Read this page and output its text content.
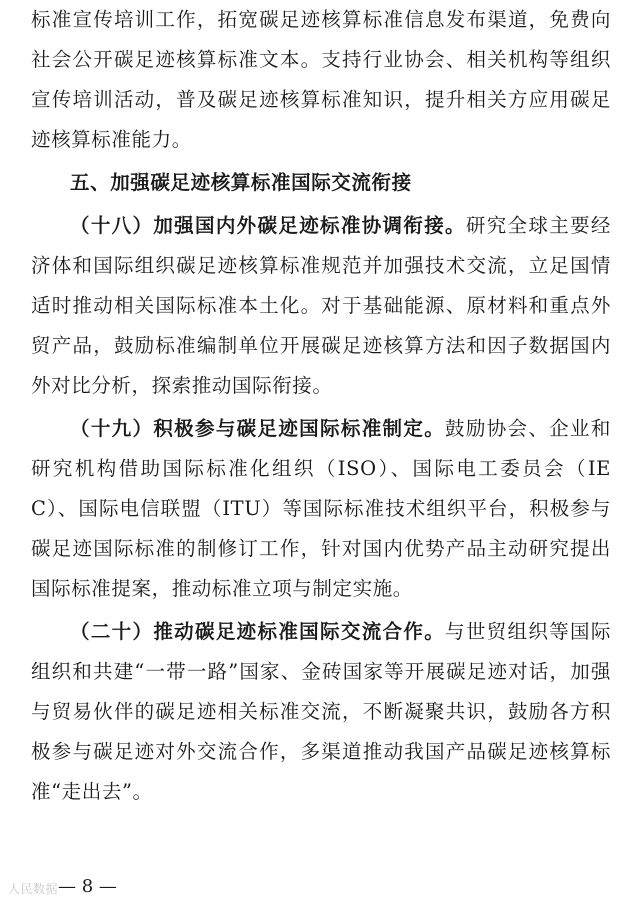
标准宣传培训工作，拓宽碳足迹核算标准信息发布渠道，免费向社会公开碳足迹核算标准文本。支持行业协会、相关机构等组织宣传培训活动，普及碳足迹核算标准知识，提升相关方应用碳足迹核算标准能力。

五、加强碳足迹核算标准国际交流衔接

（十八）加强国内外碳足迹标准协调衔接。研究全球主要经济体和国际组织碳足迹核算标准规范并加强技术交流，立足国情适时推动相关国际标准本土化。对于基础能源、原材料和重点外贸产品，鼓励标准编制单位开展碳足迹核算方法和因子数据国内外对比分析，探索推动国际衔接。

（十九）积极参与碳足迹国际标准制定。鼓励协会、企业和研究机构借助国际标准化组织（ISO）、国际电工委员会（IEC）、国际电信联盟（ITU）等国际标准技术组织平台，积极参与碳足迹国际标准的制修订工作，针对国内优势产品主动研究提出国际标准提案，推动标准立项与制定实施。

（二十）推动碳足迹标准国际交流合作。与世贸组织等国际组织和共建“一带一路”国家、金砖国家等开展碳足迹对话，加强与贸易伙伴的碳足迹相关标准交流，不断凝聚共识，鼓励各方积极参与碳足迹对外交流合作，多渠道推动我国产品碳足迹核算标准“走出去”。

人民数据 — 8 —
